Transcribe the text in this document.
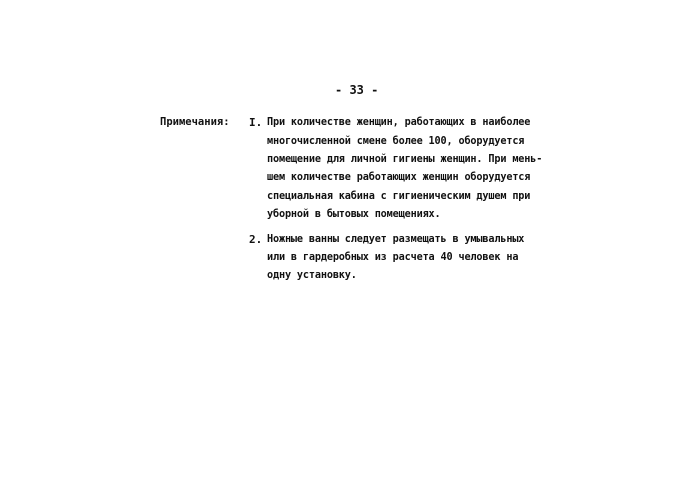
- 33 -
Примечания: I. При количестве женщин, работающих в наиболее
многочисленной смене более 100, оборудуется
помещение для личной гигиены женщин. При мень-
шем количестве работающих женщин оборудуется
специальная кабина с гигиеническим душем при
уборной в бытовых помещениях.
2. Ножные ванны следует размещать в умывальных
или в гардеробных из расчета 40 человек на
одну установку.
